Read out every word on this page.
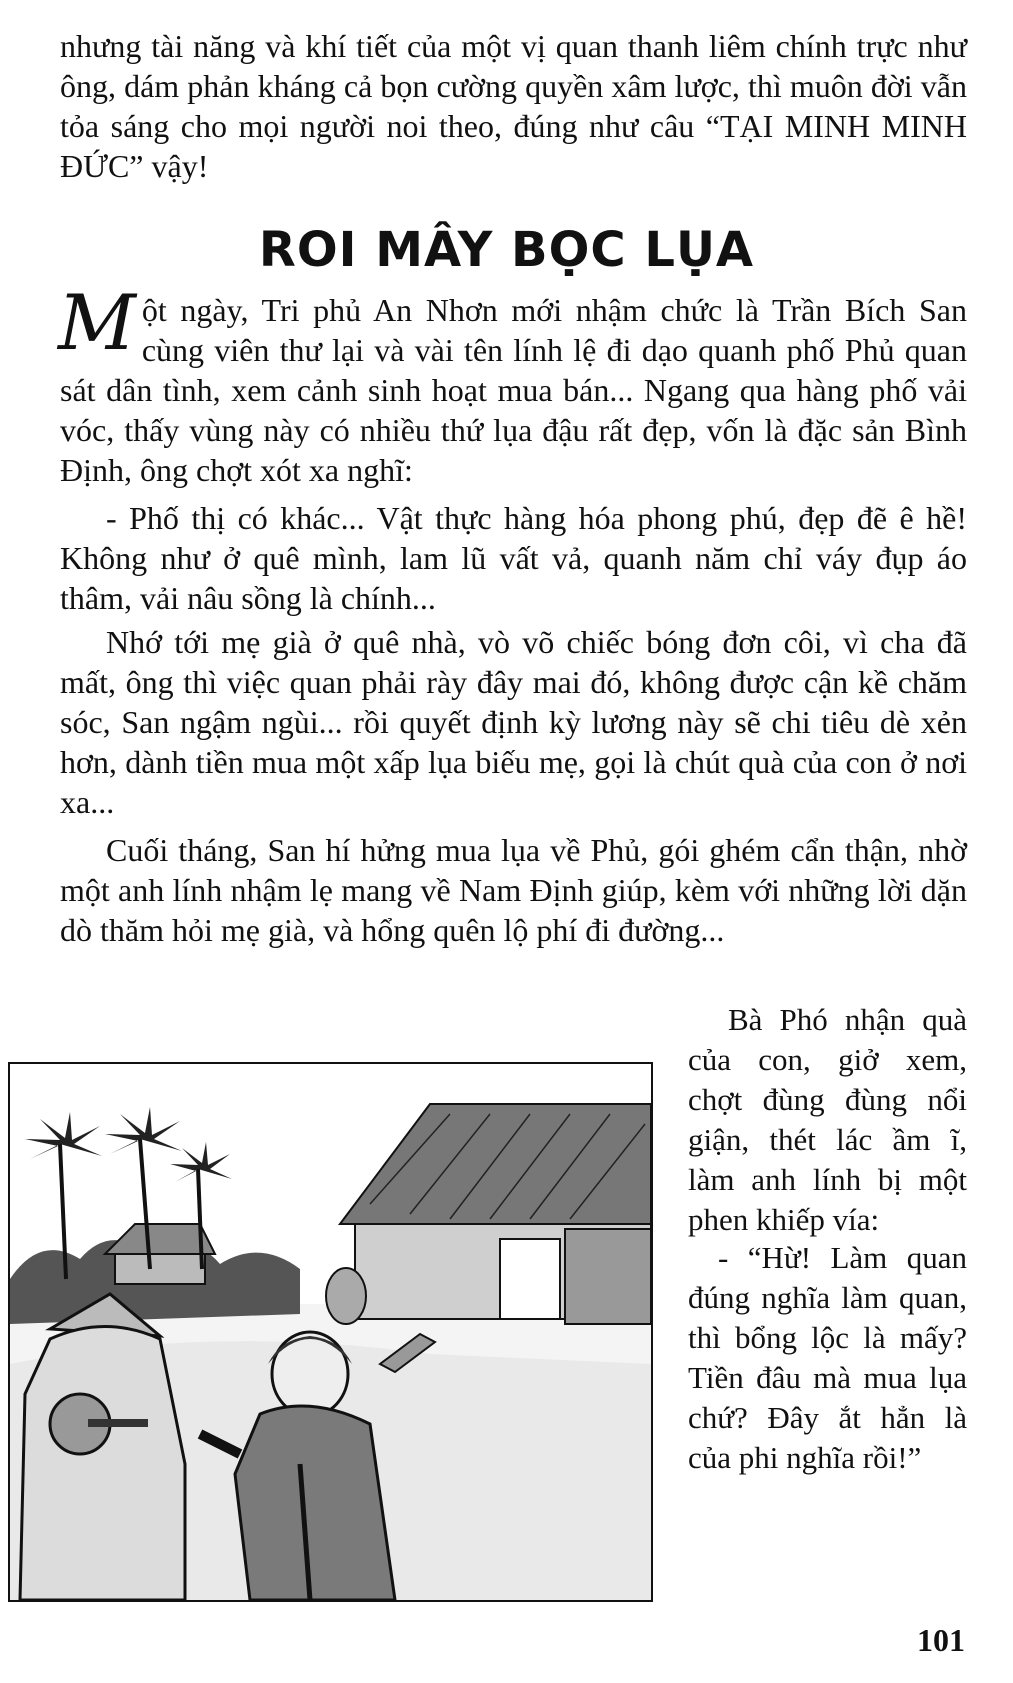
nhưng tài năng và khí tiết của một vị quan thanh liêm chính trực như ông, dám phản kháng cả bọn cường quyền xâm lược, thì muôn đời vẫn tỏa sáng cho mọi người noi theo, đúng như câu “TẠI MINH MINH ĐỨC” vậy!

ROI MÂY BỌC LỤA

Một ngày, Tri phủ An Nhơn mới nhậm chức là Trần Bích San cùng viên thư lại và vài tên lính lệ đi dạo quanh phố Phủ quan sát dân tình, xem cảnh sinh hoạt mua bán... Ngang qua hàng phố vải vóc, thấy vùng này có nhiều thứ lụa đậu rất đẹp, vốn là đặc sản Bình Định, ông chợt xót xa nghĩ:

- Phố thị có khác... Vật thực hàng hóa phong phú, đẹp đẽ ê hề! Không như ở quê mình, lam lũ vất vả, quanh năm chỉ váy đụp áo thâm, vải nâu sồng là chính...

Nhớ tới mẹ già ở quê nhà, vò võ chiếc bóng đơn côi, vì cha đã mất, ông thì việc quan phải rày đây mai đó, không được cận kề chăm sóc, San ngậm ngùi... rồi quyết định kỳ lương này sẽ chi tiêu dè xẻn hơn, dành tiền mua một xấp lụa biếu mẹ, gọi là chút quà của con ở nơi xa...

Cuối tháng, San hí hửng mua lụa về Phủ, gói ghém cẩn thận, nhờ một anh lính nhậm lẹ mang về Nam Định giúp, kèm với những lời dặn dò thăm hỏi mẹ già, và hổng quên lộ phí đi đường...

Bà Phó nhận quà của con, giở xem, chợt đùng đùng nổi giận, thét lác ầm ĩ, làm anh lính bị một phen khiếp vía:

- “Hừ! Làm quan đúng nghĩa làm quan, thì bổng lộc là mấy? Tiền đâu mà mua lụa chứ? Đây ắt hẳn là của phi nghĩa rồi!”

101
